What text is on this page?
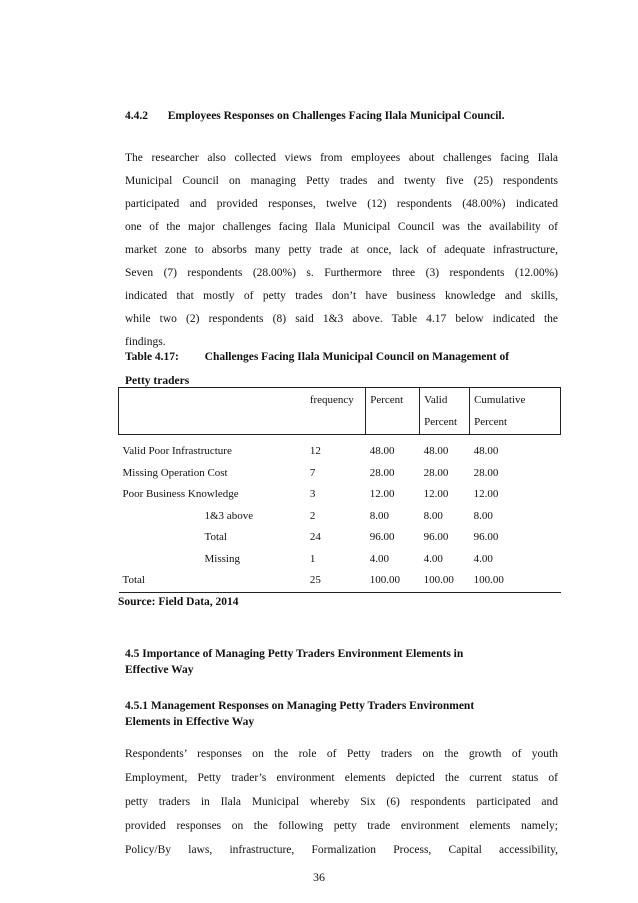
4.4.2 Employees Responses on Challenges Facing Ilala Municipal Council.
The researcher also collected views from employees about challenges facing Ilala
Municipal Council on managing Petty trades and twenty five (25) respondents
participated and provided responses, twelve (12) respondents (48.00%) indicated
one of the major challenges facing Ilala Municipal Council was the availability of
market zone to absorbs many petty trade at once, lack of adequate infrastructure,
Seven (7) respondents (28.00%) s. Furthermore three (3) respondents (12.00%)
indicated that mostly of petty trades don’t have business knowledge and skills,
while two (2) respondents (8) said 1&3 above. Table 4.17 below indicated the
findings.
Table 4.17: Challenges Facing Ilala Municipal Council on Management of
Petty traders
	frequency	Percent	Valid Percent	Cumulative Percent

Valid Poor Infrastructure	12	48.00	48.00	48.00
Missing Operation Cost	7	28.00	28.00	28.00
Poor Business Knowledge	3	12.00	12.00	12.00
1&3 above	2	8.00	8.00	8.00
Total	24	96.00	96.00	96.00
Missing	1	4.00	4.00	4.00
Total	25	100.00	100.00	100.00
Source: Field Data, 2014
4.5 Importance of Managing Petty Traders Environment Elements in
Effective Way
4.5.1 Management Responses on Managing Petty Traders Environment
Elements in Effective Way
Respondents’ responses on the role of Petty traders on the growth of youth
Employment, Petty trader’s environment elements depicted the current status of
petty traders in Ilala Municipal whereby Six (6) respondents participated and
provided responses on the following petty trade environment elements namely;
Policy/By laws, infrastructure, Formalization Process, Capital accessibility,
36
